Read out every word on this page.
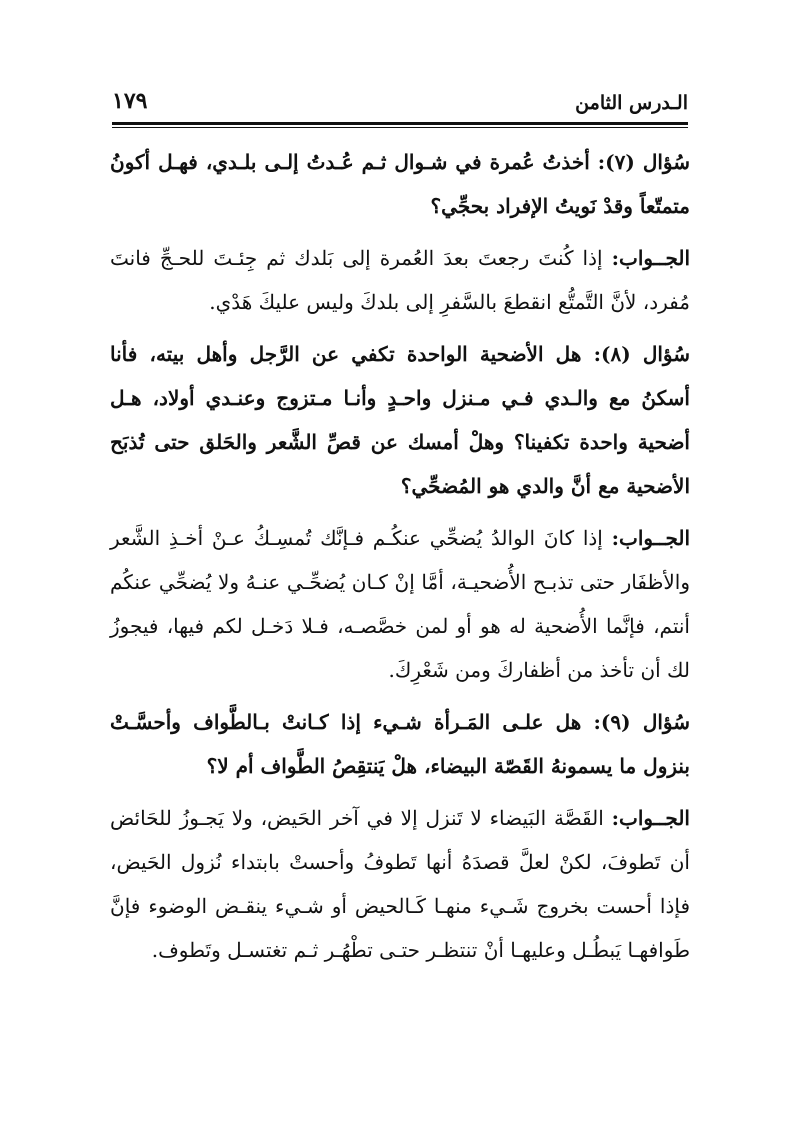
الـدرس الثامن
١٧٩

سُؤال (٧): أخذتُ عُمرة في شـوال ثـم عُـدتُ إلـى بلـدي، فهـل أكونُ متمتّعاً وقدْ نَويتُ الإفراد بحجِّي؟

الجــواب: إذا كُنتَ رجعتَ بعدَ العُمرة إلى بَلدك ثم جِئـتَ للحـجِّ فانتَ مُفرد، لأنَّ التَّمتُّع انقطعَ بالسَّفرِ إلى بلدكَ وليس عليكَ هَدْي.

سُؤال (٨): هل الأضحية الواحدة تكفي عن الرَّجل وأهل بيته، فأنا أسكنُ مع والـدي فـي مـنزل واحـدٍ وأنـا مـتزوج وعنـدي أولاد، هـل أضحية واحدة تكفينا؟ وهلْ أمسك عن قصِّ الشَّعر والحَلق حتى تُذبَح الأضحية مع أنَّ والدي هو المُضحِّي؟

الجــواب: إذا كانَ الوالدُ يُضحِّي عنكُـم فـإنَّك تُمسِـكُ عـنْ أخـذِ الشَّعر والأظفَار حتى تذبـح الأُضحيـة، أمَّا إنْ كـان يُضحِّـي عنـهُ ولا يُضحِّي عنكُم أنتم، فإنَّما الأُضحية له هو أو لمن خصَّصـه، فـلا دَخـل لكم فيها، فيجوزُ لك أن تأخذ من أظفاركَ ومن شَعْرِكَ.

سُؤال (٩): هل علـى المَـرأة شـيء إذا كـانتْ بـالطَّواف وأحسَّـتْ بنزول ما يسمونهُ القَصّة البيضاء، هلْ يَنتقِصُ الطَّواف أم لا؟

الجــواب: القَصَّة البَيضاء لا تَنزل إلا في آخر الحَيض، ولا يَجـوزُ للحَائض أن تَطوفَ، لكنْ لعلَّ قصدَهُ أنها تَطوفُ وأحستْ بابتداء نُزول الحَيض، فإذا أحست بخروج شَـيء منهـا كَـالحيض أو شـيء ينقـض الوضوء فإنَّ طَوافهـا يَبطُـل وعليهـا أنْ تنتظـر حتـى تطْهُـر ثـم تغتسـل وتَطوف.
